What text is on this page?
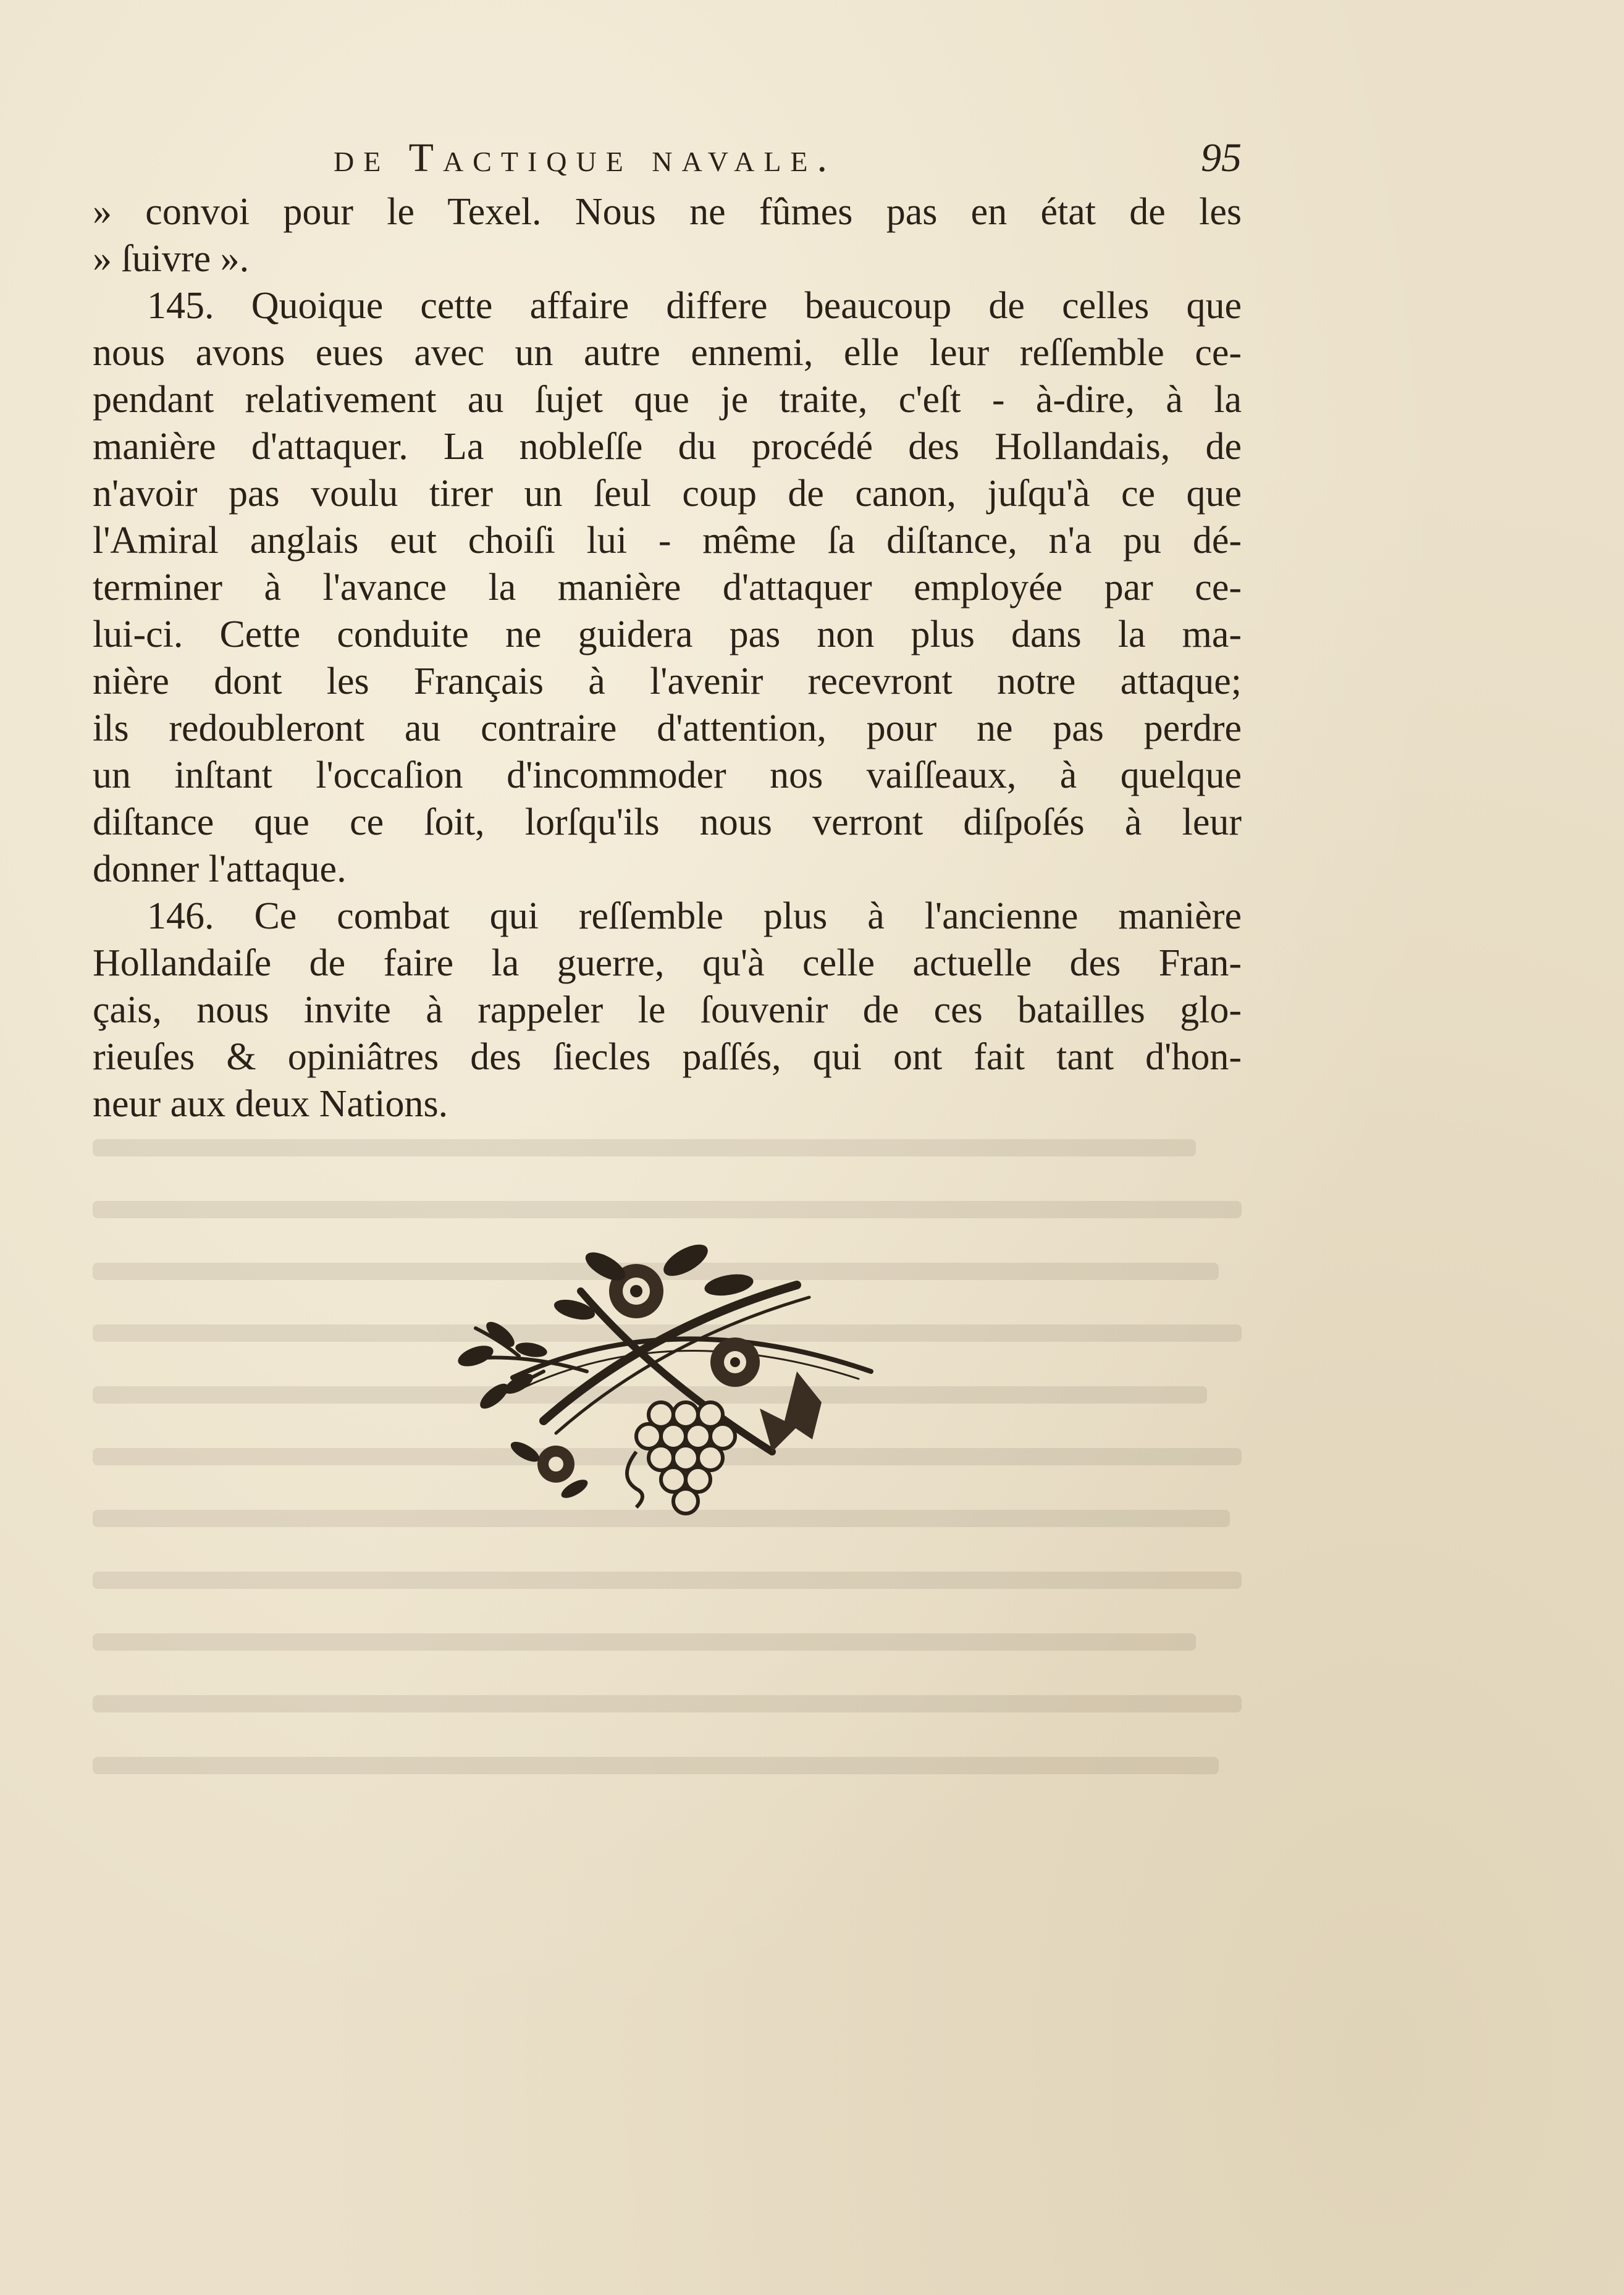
de Tactique navale.	95
» convoi pour le Texel. Nous ne fûmes pas en état de les
» ſuivre ».
145. Quoique cette affaire differe beaucoup de celles que
nous avons eues avec un autre ennemi, elle leur reſſemble ce-
pendant relativement au ſujet que je traite, c'eſt - à-dire, à la
manière d'attaquer. La nobleſſe du procédé des Hollandais, de
n'avoir pas voulu tirer un ſeul coup de canon, juſqu'à ce que
l'Amiral anglais eut choiſi lui - même ſa diſtance, n'a pu dé-
terminer à l'avance la manière d'attaquer employée par ce-
lui-ci. Cette conduite ne guidera pas non plus dans la ma-
nière dont les Français à l'avenir recevront notre attaque;
ils redoubleront au contraire d'attention, pour ne pas perdre
un inſtant l'occaſion d'incommoder nos vaiſſeaux, à quelque
diſtance que ce ſoit, lorſqu'ils nous verront diſpoſés à leur
donner l'attaque.
146. Ce combat qui reſſemble plus à l'ancienne manière
Hollandaiſe de faire la guerre, qu'à celle actuelle des Fran-
çais, nous invite à rappeler le ſouvenir de ces batailles glo-
rieuſes & opiniâtres des ſiecles paſſés, qui ont fait tant d'hon-
neur aux deux Nations.
